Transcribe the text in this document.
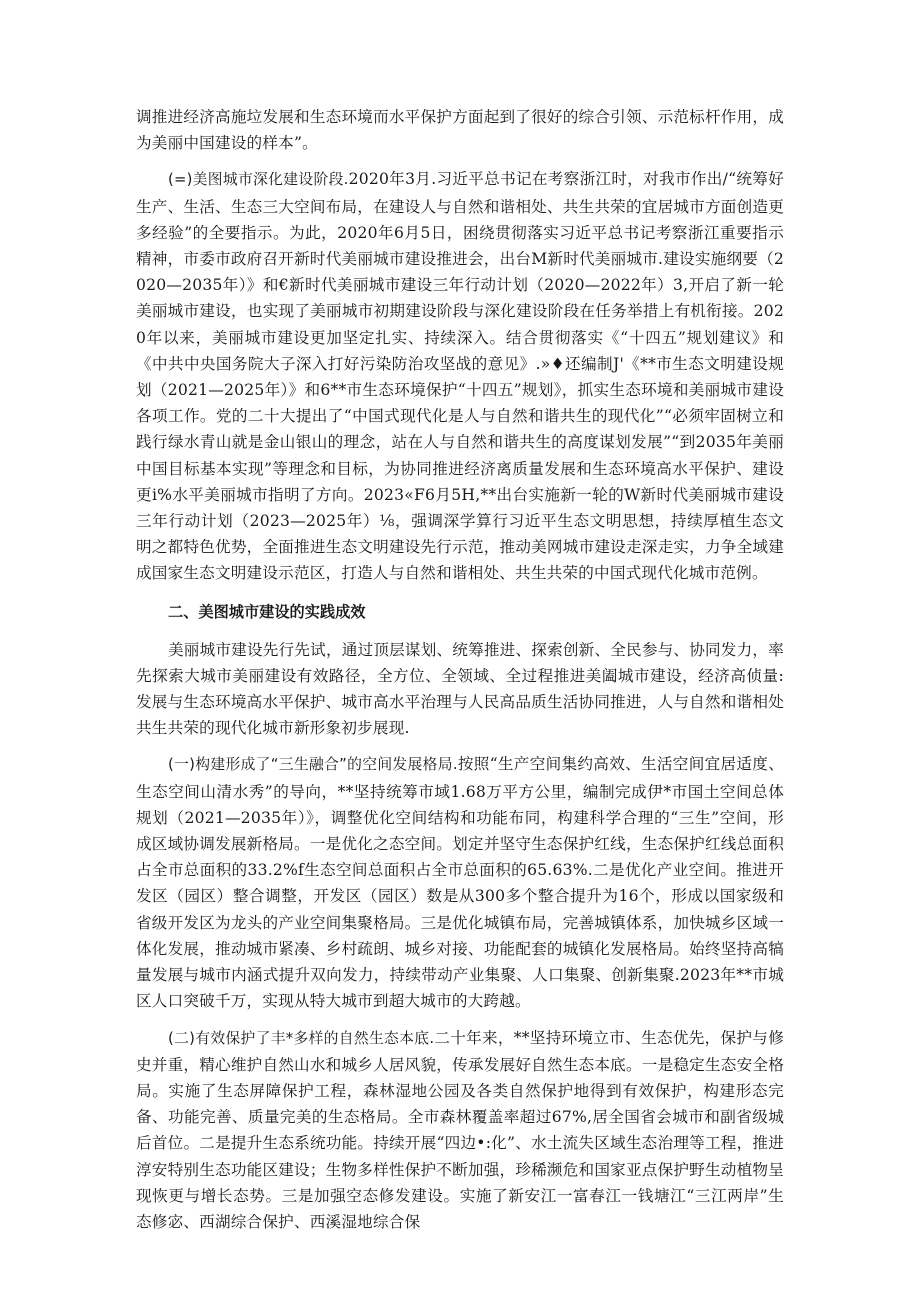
调推进经济高施垃发展和生态环境而水平保护方面起到了很好的综合引领、示范标杆作用，成为美丽中国建设的样本”。

(=)美图城市深化建设阶段.2020年3月.习近平总书记在考察浙江时，对我市作出/“统筹好生产、生活、生态三大空间布局，在建设人与自然和谐相处、共生共荣的宜居城市方面创造更多经验”的全要指示。为此，2020年6月5日，困绕贯彻落实习近平总书记考察浙江重要指示精神，市委市政府召开新时代美丽城市建设推进会，出台M新时代美丽城市.建设实施纲要（2020—2035年）》和€新时代美丽城市建设三年行动计划（2020—2022年）3,开启了新一轮美丽城市建设，也实现了美丽城市初期建设阶段与深化建设阶段在任务举措上有机衔接。2020年以来，美丽城市建设更加坚定扎实、持续深入。结合贯彻落实《“十四五”规划建议》和《中共中央国务院大子深入打好污染防治攻坚战的意见》.»♦还编制J'《**市生态文明建设规划（2021—2025年）》和6**市生态环境保护“十四五”规划》，抓实生态环境和美丽城市建设各项工作。党的二十大提出了“中国式现代化是人与自然和谐共生的现代化”“必须牢固树立和践行绿水青山就是金山银山的理念，站在人与自然和谐共生的高度谋划发展”“到2035年美丽中国目标基本实现”等理念和目标，为协同推进经济离质量发展和生态环境高水平保护、建设更i%水平美丽城市指明了方向。2023«F6月5H,**出台实施新一轮的W新时代美丽城市建设三年行动计划（2023—2025年）⅛，强调深学算行习近平生态文明思想，持续厚植生态文明之都特色优势，全面推进生态文明建设先行示范，推动美网城市建设走深走实，力争全域建成国家生态文明建设示范区，打造人与自然和谐相处、共生共荣的中国式现代化城市范例。

二、美图城市建设的实践成效

美丽城市建设先行先试，通过顶层谋划、统筹推进、探索创新、全民参与、协同发力，率先探索大城市美丽建设有效路径，全方位、全领域、全过程推进美阖城市建设，经济高侦量:发展与生态环境高水平保护、城市高水平治理与人民高品质生活协同推进，人与自然和谐相处共生共荣的现代化城市新形象初步展现.

(一)构建形成了“三生融合”的空间发展格局.按照“生产空间集约高效、生活空间宜居适度、生态空间山清水秀”的导向，**坚持统筹市域1.68万平方公里，编制完成伊*市国土空间总体规划（2021—2035年）》，调整优化空间结构和功能布同，构建科学合理的“三生”空间，形成区域协调发展新格局。一是优化之态空间。划定并坚守生态保护红线，生态保护红线总面积占全市总面积的33.2%f生态空间总面积占全市总面积的65.63%.二是优化产业空间。推进开发区（园区）整合调整，开发区（园区）数是从300多个整合提升为16个，形成以国家级和省级开发区为龙头的产业空间集聚格局。三是优化城镇布局，完善城镇体系，加快城乡区域一体化发展，推动城市紧凑、乡村疏朗、城乡对接、功能配套的城镇化发展格局。始终坚持高犒量发展与城市内涵式提升双向发力，持续带动产业集聚、人口集聚、创新集聚.2023年**市城区人口突破千万，实现从特大城市到超大城市的大跨越。

(二)有效保护了丰*多样的自然生态本底.二十年来，**坚持环境立市、生态优先，保护与修史并重，精心维护自然山水和城乡人居风貌，传承发展好自然生态本底。一是稳定生态安全格局。实施了生态屏障保护工程，森林湿地公园及各类自然保护地得到有效保护，构建形态完备、功能完善、质量完美的生态格局。全市森林覆盖率超过67%,居全国省会城市和副省级城后首位。二是提升生态系统功能。持续开展“四边•:化”、水土流失区域生态治理等工程，推进淳安特别生态功能区建设；生物多样性保护不断加强，珍稀濒危和国家亚点保护野生动植物呈现恢更与增长态势。三是加强空态修发建设。实施了新安江一富春江一钱塘江“三江两岸”生态修宓、西湖综合保护、西溪湿地综合保
